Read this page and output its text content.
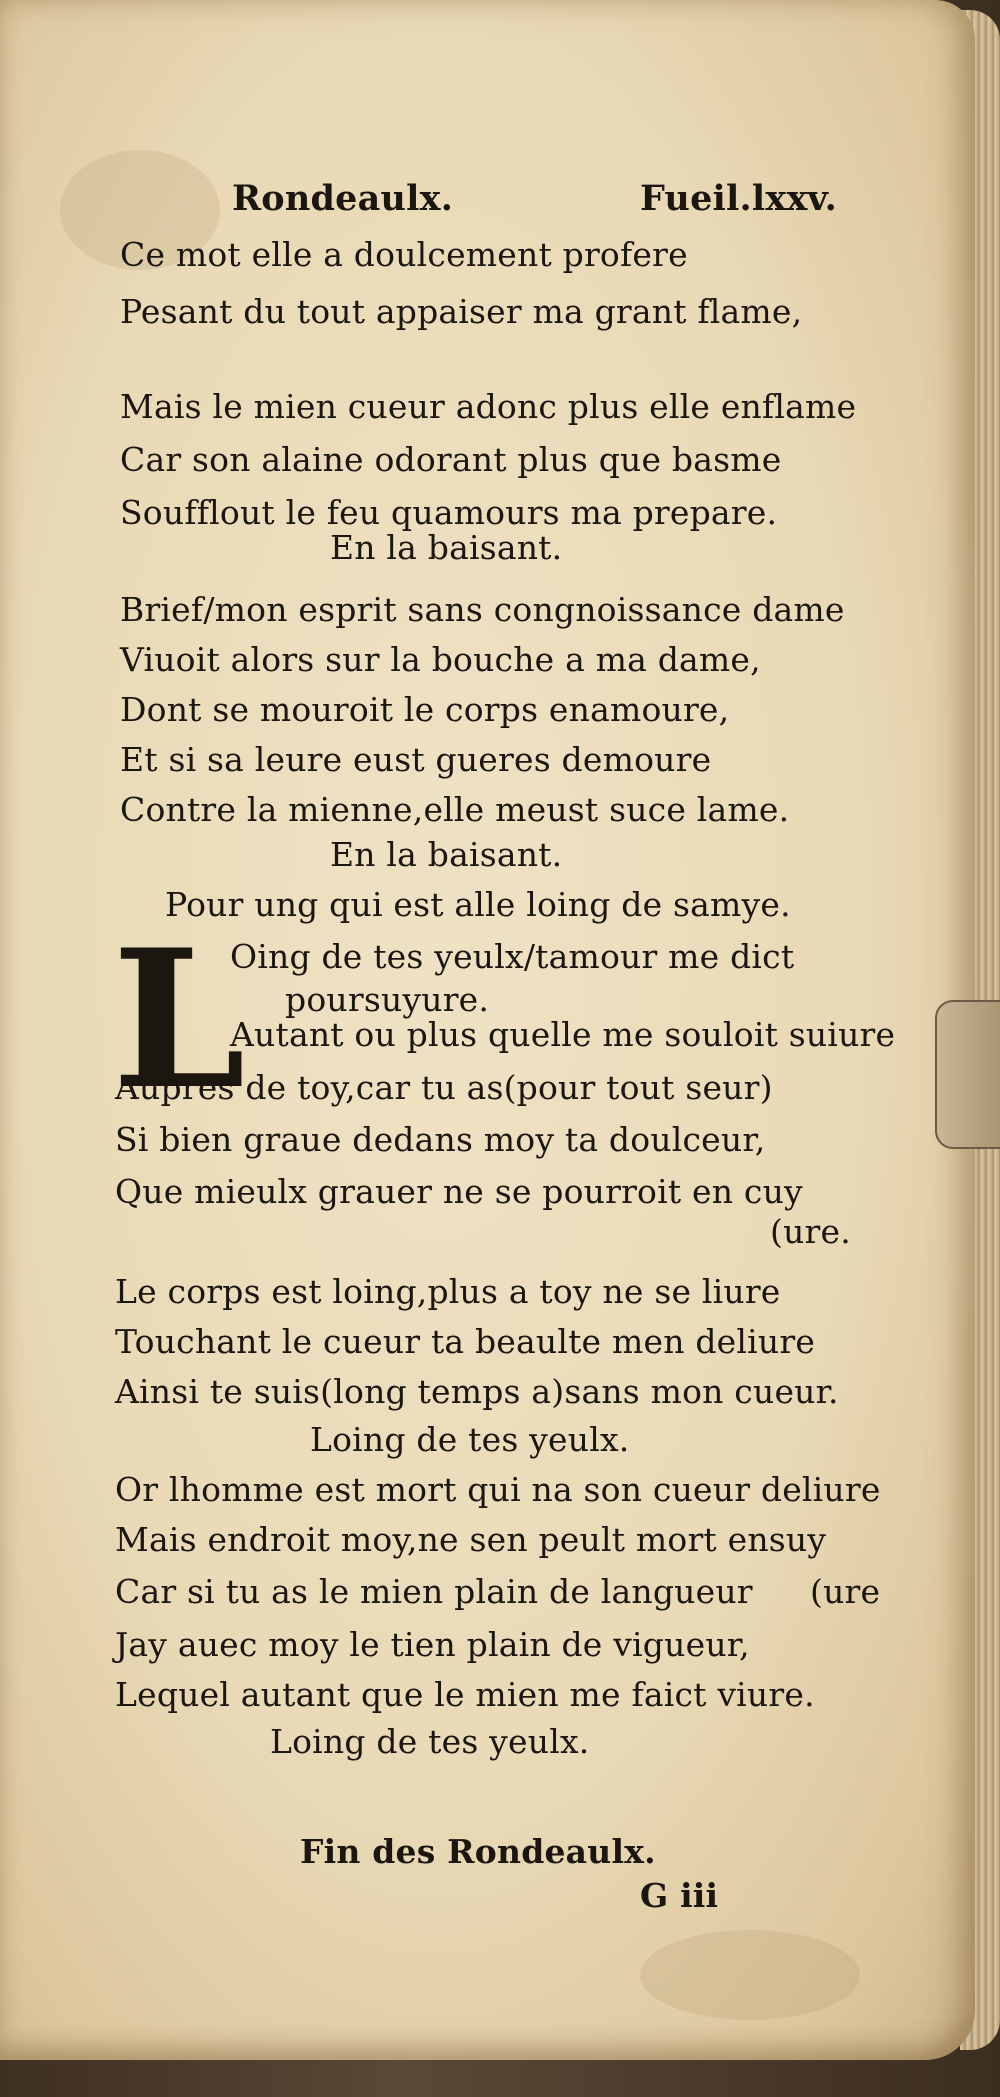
Rondeaulx.	Fueil.lxxv.
Ce mot elle a doulcement profere
Pesant du tout appaiser ma grant flame,
Mais le mien cueur adonc plus elle enflame
Car son alaine odorant plus que basme
Soufflout le feu quamours ma prepare.
En la baisant.
Brief/mon esprit sans congnoissance dame
Viuoit alors sur la bouche a ma dame,
Dont se mouroit le corps enamoure,
Et si sa leure eust gueres demoure
Contre la mienne,elle meust suce lame.
En la baisant.
Pour ung qui est alle loing de samye.
L
Oing de tes yeulx/tamour me dict
poursuyure.
Autant ou plus quelle me souloit suiure
Aupres de toy,car tu as(pour tout seur)
Si bien graue dedans moy ta doulceur,
Que mieulx grauer ne se pourroit en cuy
(ure.
Le corps est loing,plus a toy ne se liure
Touchant le cueur ta beaulte men deliure
Ainsi te suis(long temps a)sans mon cueur.
Loing de tes yeulx.
Or lhomme est mort qui na son cueur deliure
Mais endroit moy,ne sen peult mort ensuy
Car si tu as le mien plain de langueur (ure
Jay auec moy le tien plain de vigueur,
Lequel autant que le mien me faict viure.
Loing de tes yeulx.
Fin des Rondeaulx.
G iii
